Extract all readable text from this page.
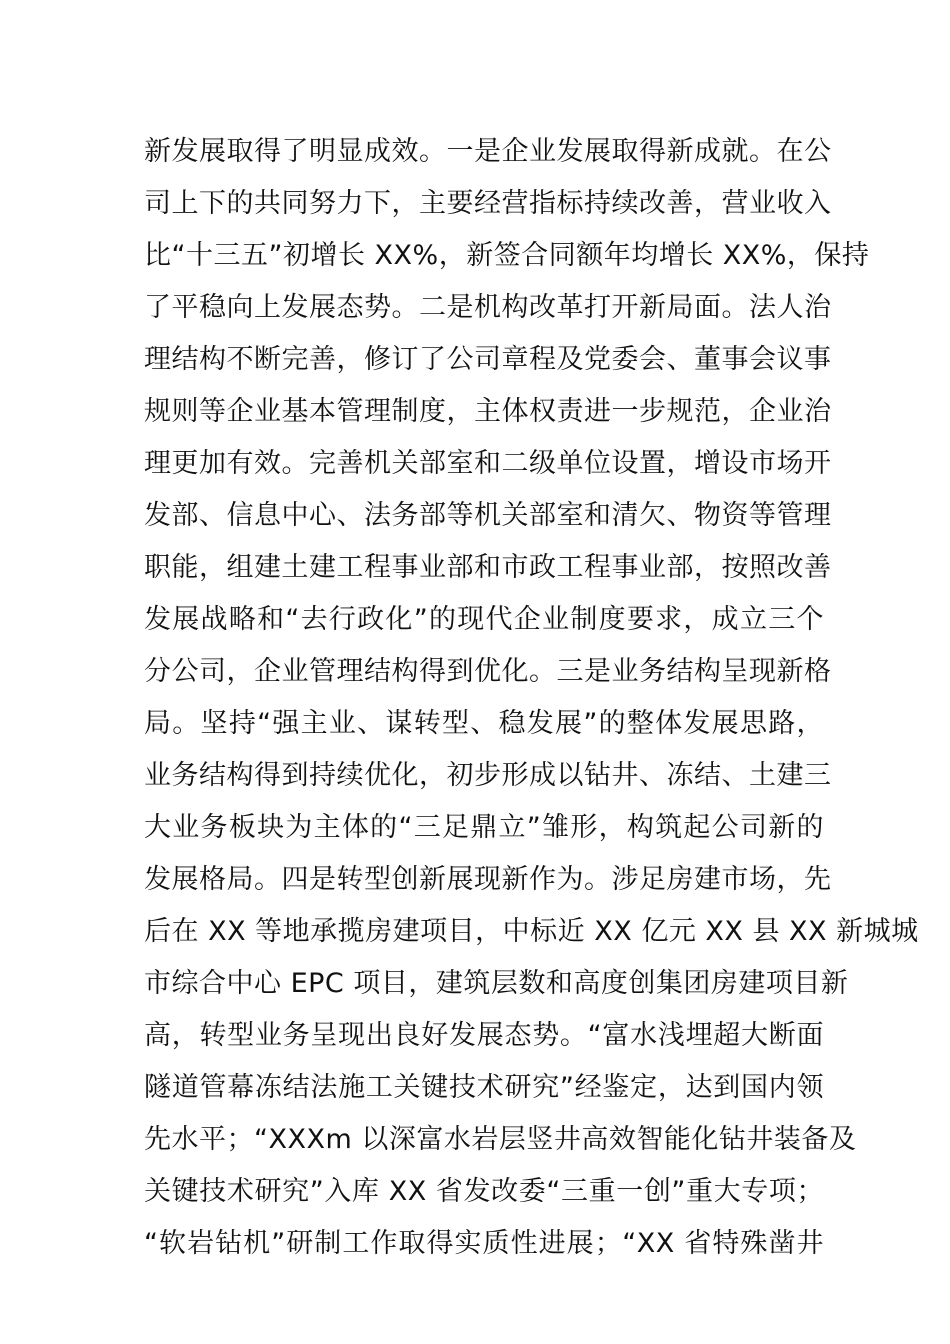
新发展取得了明显成效。一是企业发展取得新成就。在公
司上下的共同努力下，主要经营指标持续改善，营业收入
比“十三五”初增长 XX%，新签合同额年均增长 XX%，保持
了平稳向上发展态势。二是机构改革打开新局面。法人治
理结构不断完善，修订了公司章程及党委会、董事会议事
规则等企业基本管理制度，主体权责进一步规范，企业治
理更加有效。完善机关部室和二级单位设置，增设市场开
发部、信息中心、法务部等机关部室和清欠、物资等管理
职能，组建土建工程事业部和市政工程事业部，按照改善
发展战略和“去行政化”的现代企业制度要求，成立三个
分公司，企业管理结构得到优化。三是业务结构呈现新格
局。坚持“强主业、谋转型、稳发展”的整体发展思路，
业务结构得到持续优化，初步形成以钻井、冻结、土建三
大业务板块为主体的“三足鼎立”雏形，构筑起公司新的
发展格局。四是转型创新展现新作为。涉足房建市场，先
后在 XX 等地承揽房建项目，中标近 XX 亿元 XX 县 XX 新城城
市综合中心 EPC 项目，建筑层数和高度创集团房建项目新
高，转型业务呈现出良好发展态势。“富水浅埋超大断面
隧道管幕冻结法施工关键技术研究”经鉴定，达到国内领
先水平；“XXXm 以深富水岩层竖井高效智能化钻井装备及
关键技术研究”入库 XX 省发改委“三重一创”重大专项；
“软岩钻机”研制工作取得实质性进展；“XX 省特殊凿井
